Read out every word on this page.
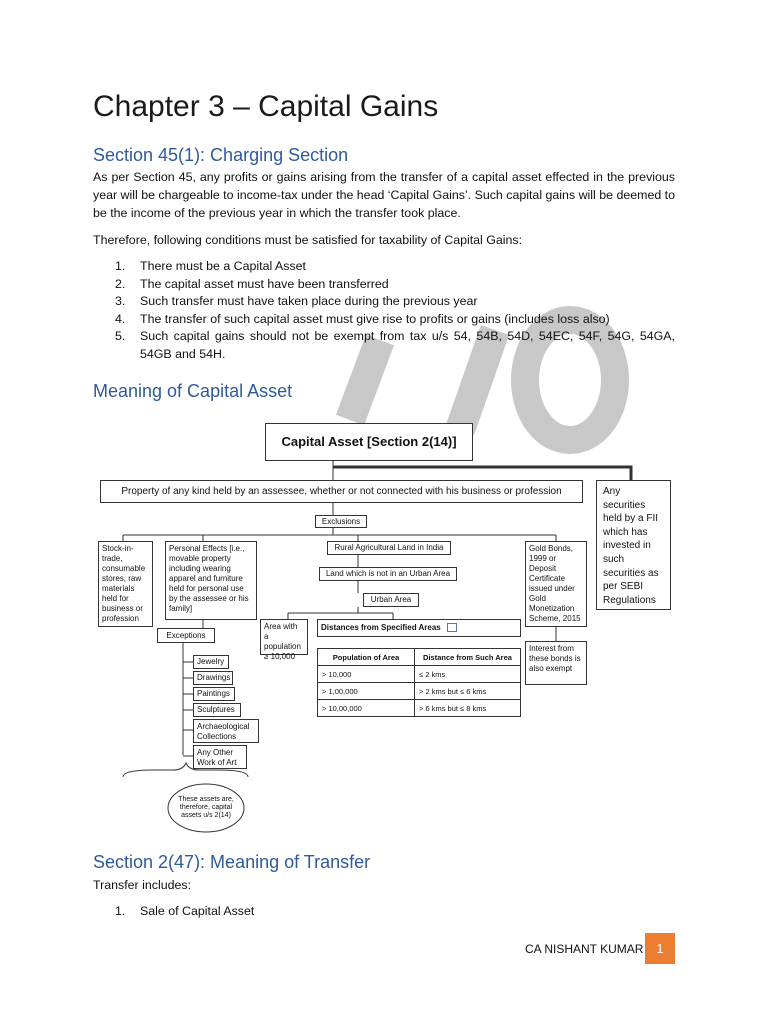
Chapter 3 – Capital Gains
Section 45(1): Charging Section

As per Section 45, any profits or gains arising from the transfer of a capital asset effected in the previous year will be chargeable to income-tax under the head ‘Capital Gains’. Such capital gains will be deemed to be the income of the previous year in which the transfer took place.

Therefore, following conditions must be satisfied for taxability of Capital Gains:

1. There must be a Capital Asset
2. The capital asset must have been transferred
3. Such transfer must have taken place during the previous year
4. The transfer of such capital asset must give rise to profits or gains (includes loss also)
5. Such capital gains should not be exempt from tax u/s 54, 54B, 54D, 54EC, 54F, 54G, 54GA, 54GB and 54H.
Meaning of Capital Asset
Capital Asset [Section 2(14)]
Property of any kind held by an assessee, whether or not connected with his business or profession	Any securities held by a FII which has invested in such securities as per SEBI Regulations
Exclusions
Stock-in-trade, consumable stores, raw materials held for business or profession
Personal Effects [i.e., movable property including wearing apparel and furniture held for personal use by the assessee or his family]
Rural Agricultural Land in India
Land which is not in an Urban Area
Urban Area
Gold Bonds, 1999 or Deposit Certificate issued under Gold Monetization Scheme, 2015
Interest from these bonds is also exempt
Exceptions
Jewelry
Drawings
Paintings
Sculptures
Archaeological Collections
Any Other Work of Art
These assets are, therefore, capital assets u/s 2(14)
Area with a population ≥ 10,000
Distances from Specified Areas
Population of Area	Distance from Such Area
> 10,000	≤ 2 kms
> 1,00,000	> 2 kms but ≤ 6 kms
> 10,00,000	> 6 kms but ≤ 8 kms
Section 2(47): Meaning of Transfer

Transfer includes:

1. Sale of Capital Asset
CA NISHANT KUMAR 1
